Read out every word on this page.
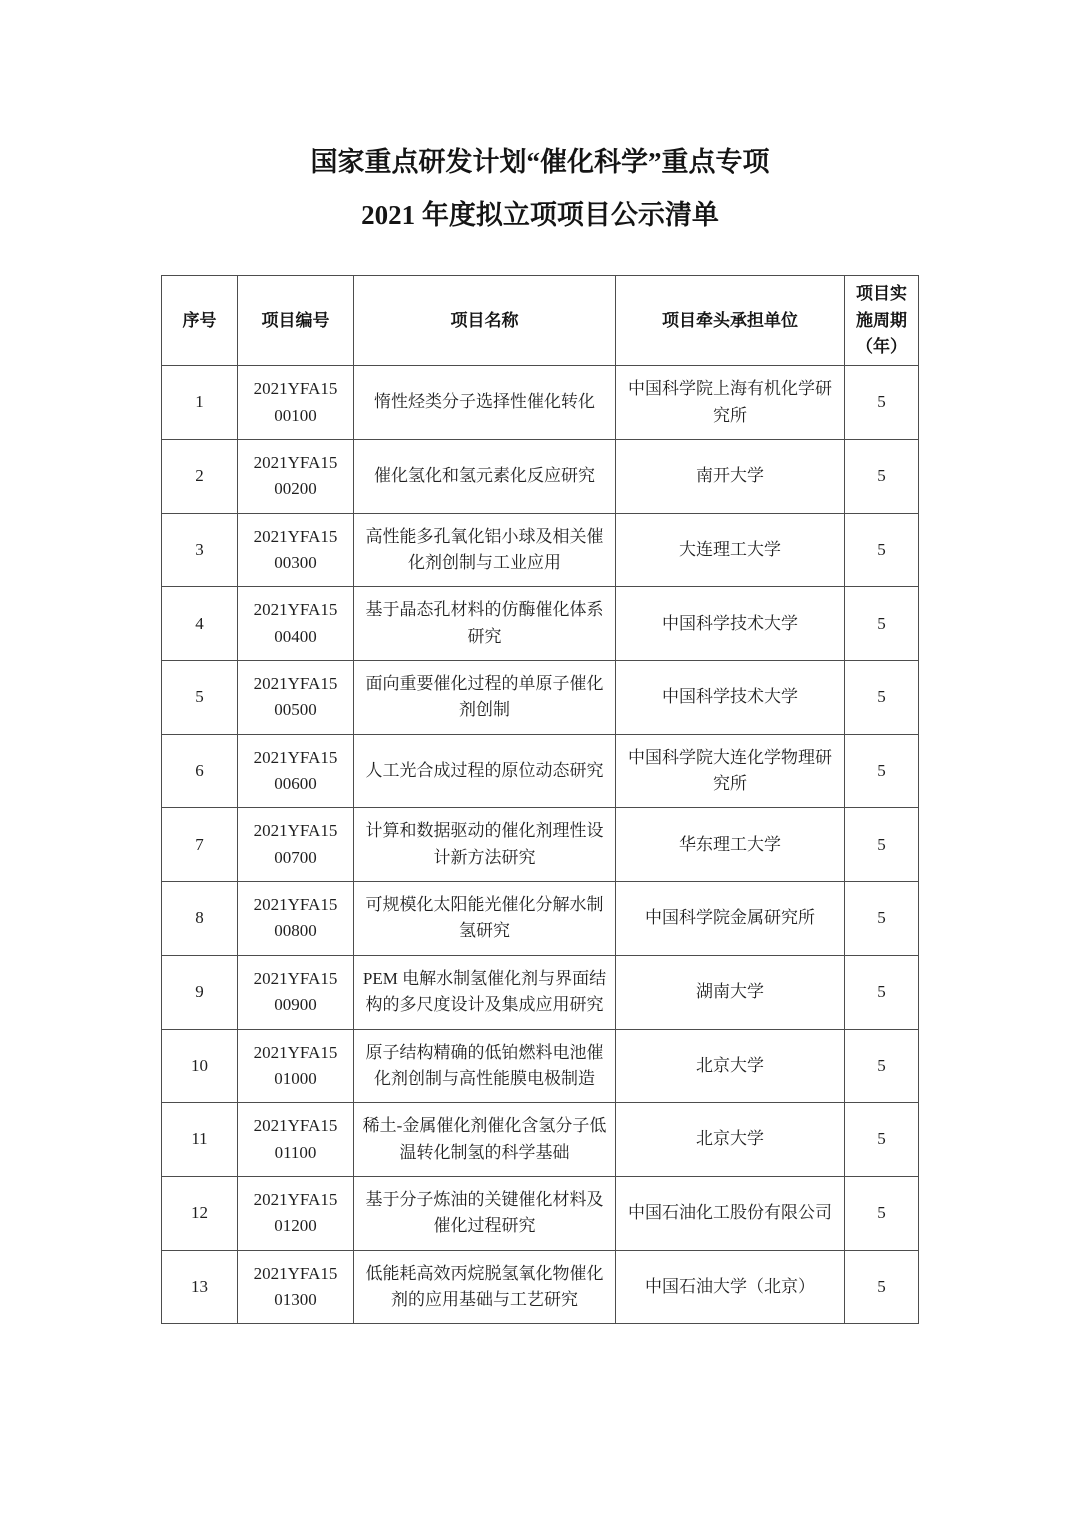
国家重点研发计划“催化科学”重点专项
2021 年度拟立项项目公示清单
序号	项目编号	项目名称	项目牵头承担单位	项目实施周期（年）
1	2021YFA15 00100	惰性烃类分子选择性催化转化	中国科学院上海有机化学研究所	5
2	2021YFA15 00200	催化氢化和氢元素化反应研究	南开大学	5
3	2021YFA15 00300	高性能多孔氧化铝小球及相关催化剂创制与工业应用	大连理工大学	5
4	2021YFA15 00400	基于晶态孔材料的仿酶催化体系研究	中国科学技术大学	5
5	2021YFA15 00500	面向重要催化过程的单原子催化剂创制	中国科学技术大学	5
6	2021YFA15 00600	人工光合成过程的原位动态研究	中国科学院大连化学物理研究所	5
7	2021YFA15 00700	计算和数据驱动的催化剂理性设计新方法研究	华东理工大学	5
8	2021YFA15 00800	可规模化太阳能光催化分解水制氢研究	中国科学院金属研究所	5
9	2021YFA15 00900	PEM 电解水制氢催化剂与界面结构的多尺度设计及集成应用研究	湖南大学	5
10	2021YFA15 01000	原子结构精确的低铂燃料电池催化剂创制与高性能膜电极制造	北京大学	5
11	2021YFA15 01100	稀土-金属催化剂催化含氢分子低温转化制氢的科学基础	北京大学	5
12	2021YFA15 01200	基于分子炼油的关键催化材料及催化过程研究	中国石油化工股份有限公司	5
13	2021YFA15 01300	低能耗高效丙烷脱氢氧化物催化剂的应用基础与工艺研究	中国石油大学（北京）	5
